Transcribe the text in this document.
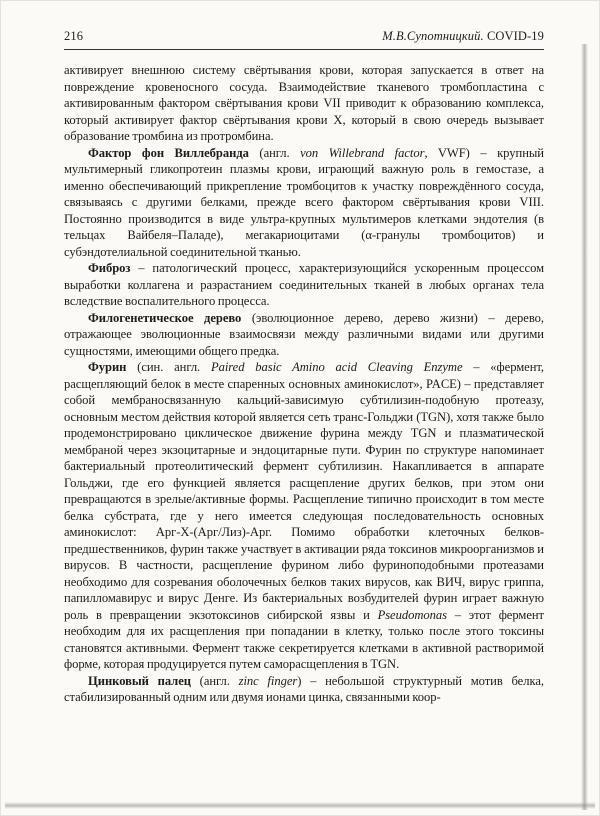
216	М.В.Супотницкий. COVID-19

активирует внешнюю систему свёртывания крови, которая запускается в ответ на повреждение кровеносного сосуда. Взаимодействие тканевого тромбопластина с активированным фактором свёртывания крови VII приводит к образованию комплекса, который активирует фактор свёртывания крови X, который в свою очередь вызывает образование тромбина из протромбина.

Фактор фон Виллебранда (англ. von Willebrand factor, VWF) – крупный мультимерный гликопротеин плазмы крови, играющий важную роль в гемостазе, а именно обеспечивающий прикрепление тромбоцитов к участку повреждённого сосуда, связываясь с другими белками, прежде всего фактором свёртывания крови VIII. Постоянно производится в виде ультра-крупных мультимеров клетками эндотелия (в тельцах Вайбеля–Паладе), мегакариоцитами (α-гранулы тромбоцитов) и субэндотелиальной соединительной тканью.

Фиброз – патологический процесс, характеризующийся ускоренным процессом выработки коллагена и разрастанием соединительных тканей в любых органах тела вследствие воспалительного процесса.

Филогенетическое дерево (эволюционное дерево, дерево жизни) – дерево, отражающее эволюционные взаимосвязи между различными видами или другими сущностями, имеющими общего предка.

Фурин (син. англ. Paired basic Amino acid Cleaving Enzyme – «фермент, расщепляющий белок в месте спаренных основных аминокислот», PACE) – представляет собой мембраносвязанную кальций-зависимую субтилизин-подобную протеазу, основным местом действия которой является сеть транс-Гольджи (TGN), хотя также было продемонстрировано циклическое движение фурина между TGN и плазматической мембраной через экзоцитарные и эндоцитарные пути. Фурин по структуре напоминает бактериальный протеолитический фермент субтилизин. Накапливается в аппарате Гольджи, где его функцией является расщепление других белков, при этом они превращаются в зрелые/активные формы. Расщепление типично происходит в том месте белка субстрата, где у него имеется следующая последовательность основных аминокислот: Арг-Х-(Арг/Лиз)-Арг. Помимо обработки клеточных белков-предшественников, фурин также участвует в активации ряда токсинов микроорганизмов и вирусов. В частности, расщепление фурином либо фуриноподобными протеазами необходимо для созревания оболочечных белков таких вирусов, как ВИЧ, вирус гриппа, папилломавирус и вирус Денге. Из бактериальных возбудителей фурин играет важную роль в превращении экзотоксинов сибирской язвы и Pseudomonas – этот фермент необходим для их расщепления при попадании в клетку, только после этого токсины становятся активными. Фермент также секретируется клетками в активной растворимой форме, которая продуцируется путем саморасщепления в TGN.

Цинковый палец (англ. zinc finger) – небольшой структурный мотив белка, стабилизированный одним или двумя ионами цинка, связанными коор-
